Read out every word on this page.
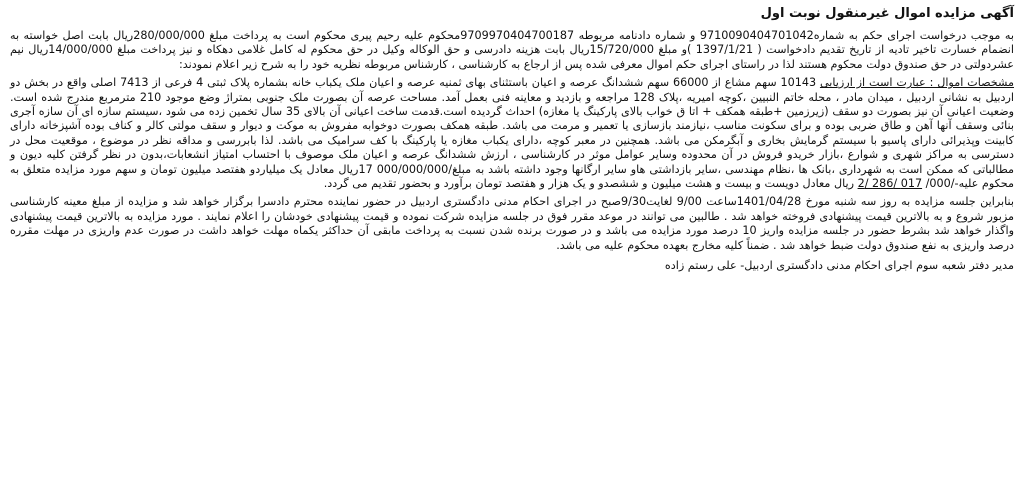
آگهی مزایده اموال غیرمنقول نوبت اول

به موجب درخواست اجرای حکم به شماره9710090404701042 و شماره دادنامه مربوطه 9709970404700187محکوم علیه رحیم پیری محکوم است به پرداخت مبلغ 280/000/000ریال بابت اصل خواسته به انضمام خسارت تاخیر تادیه از تاریخ تقدیم دادخواست ( 1397/1/21 )و مبلغ 15/720/000ریال بابت هزینه دادرسی و حق الوکاله وکیل در حق محکوم له کامل غلامی دهکاه و نیز پرداخت مبلغ 14/000/000ریال نیم عشردولتی در حق صندوق دولت محکوم هستند لذا در راستای اجرای حکم اموال معرفی شده پس از ارجاع به کارشناسی ، کارشناس مربوطه نظریه خود را به شرح زیر اعلام نمودند:

مشخصات اموال : عبارت است از ارزیابی 10143 سهم مشاع از 66000 سهم ششدانگ عرصه و اعیان باستثنای بهای ثمنیه عرصه و اعیان ملک یکباب خانه بشماره پلاک ثبتی 4 فرعی از 7413 اصلی واقع در بخش دو اردبیل به نشانی اردبیل ، میدان مادر ، محله خاتم النبیین ،کوچه امیریه ،پلاک 128 مراجعه و بازدید و معاینه فنی بعمل آمد. مساحت عرصه آن بصورت ملک جنوبی بمتراژ وضع موجود 210 مترمربع مندرج شده است. وضعیت اعیانی آن نیز بصورت دو سقف (زیرزمین +طبقه همکف + اتا ق خواب بالای پارکینگ یا مغازه) احداث گردیده است.قدمت ساخت اعیانی آن بالای 35 سال تخمین زده می شود ،سیستم سازه ای آن سازه آجری بنائی وسقف آنها آهن و طاق ضربی بوده و برای سکونت مناسب ،نیازمند بازسازی یا تعمیر و مرمت می باشد. طبقه همکف بصورت دوخوابه مفروش به موکت و دیوار و سقف مولتی کالر و کناف بوده آشپزخانه دارای کابینت وپذیرائی دارای پاسیو با سیستم گرمایش بخاری و آبگرمکن می باشد. همچنین در معبر کوچه ،دارای یکباب مغازه یا پارکینگ با کف سرامیک می باشد. لذا بابررسی و مداقه نظر در موضوع ، موقعیت محل در دسترسی به مراکز شهری و شوارع ،بازار خریدو فروش در آن محدوده وسایر عوامل موثر در کارشناسی ، ارزش ششدانگ عرصه و اعیان ملک موصوف با احتساب امتیاز انشعابات،بدون در نظر گرفتن کلیه دیون و مطالباتی که ممکن است به شهرداری ،بانک ها ،نظام مهندسی ،سایر بازداشتی هاو سایر ارگانها وجود داشته باشد به مبلغ/000/000/000 17ریال معادل یک میلیاردو هفتصد میلیون تومان و سهم مورد مزایده متعلق به محکوم علیه-/000/ 017 /286 /2 ریال معادل دویست و بیست و هشت میلیون و ششصدو و یک هزار و هفتصد تومان برآورد و بحضور تقدیم می گردد.

بنابراین جلسه مزایده به روز سه شنبه مورخ 1401/04/28ساعت 9/00 لغایت9/30صبح در اجرای احکام مدنی دادگستری اردبیل در حضور نماینده محترم دادسرا برگزار خواهد شد و مزایده از مبلغ معینه کارشناسی مزبور شروع و به بالاترین قیمت پیشنهادی فروخته خواهد شد . طالبین می توانند در موعد مقرر فوق در جلسه مزایده شرکت نموده و قیمت پیشنهادی خودشان را اعلام نمایند . مورد مزایده به بالاترین قیمت پیشنهادی واگذار خواهد شد بشرط حضور در جلسه مزایده واریز 10 درصد مورد مزایده می باشد و در صورت برنده شدن نسبت به پرداخت مابقی آن حداکثر یکماه مهلت خواهد داشت در صورت عدم واریزی در مهلت مقرره درصد واریزی به نفع صندوق دولت ضبط خواهد شد . ضمناً کلیه مخارج بعهده محکوم علیه می باشد.

مدیر دفتر شعبه سوم اجرای احکام مدنی دادگستری اردبیل- علی رستم زاده
